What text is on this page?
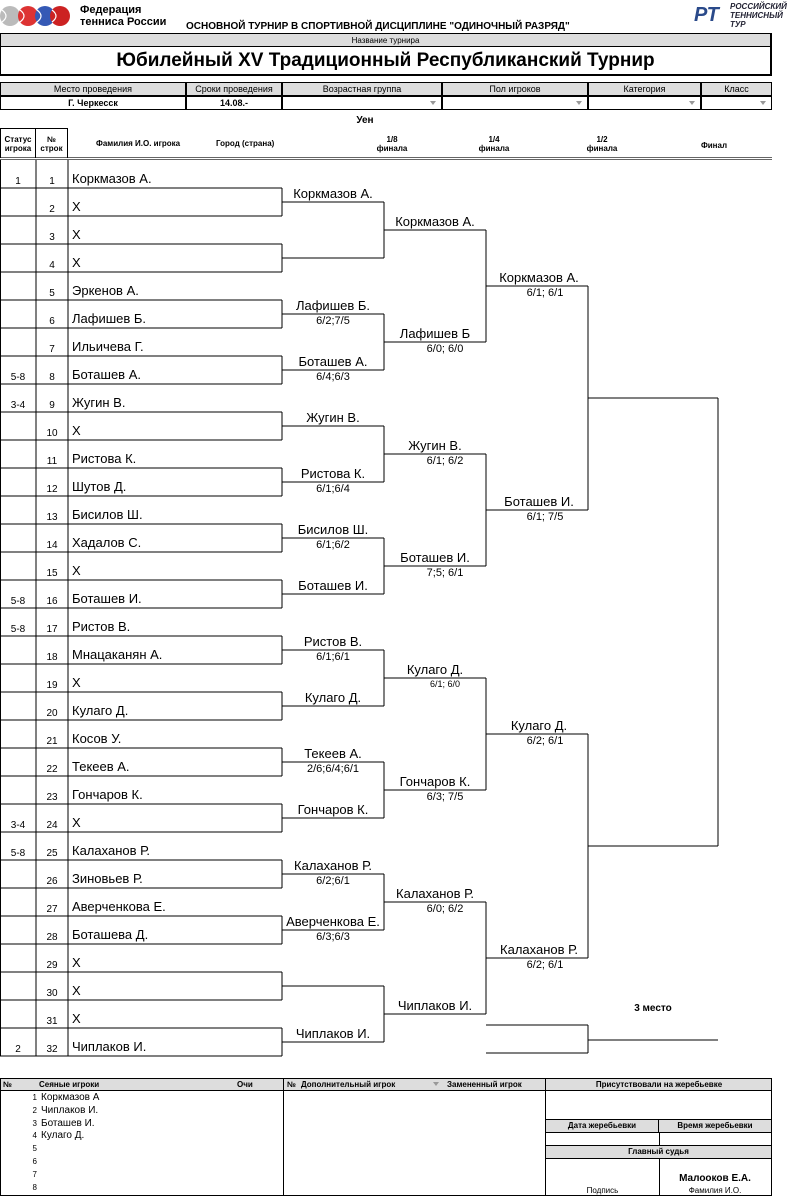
Федерация
тенниса России ОСНОВНОЙ ТУРНИР В СПОРТИВНОЙ ДИСЦИПЛИНЕ "ОДИНОЧНЫЙ РАЗРЯД"
РТ РОССИЙСКИЙ
ТЕННИСНЫЙ
ТУР
Название турнира
Юбилейный XV Традиционный Республиканский Турнир
Место проведения	Сроки проведения	Возрастная группа	Пол игроков	Категория	Класс
Г. Черкесск	14.08.-
Уен
Статус
игрока
№
строк
Фамилия И.О. игрока	Город (страна)	1/8
финала
1/4
финала
1/2
финала	Финал
1	1	Коркмазов А.
2	Х
3	Х
4	Х
5	Эркенов А.
6	Лафишев Б.
7	Ильичева Г.
5-8	8	Боташев А.
3-4	9	Жугин В.
10	Х
11	Ристова К.
12	Шутов Д.
13	Бисилов Ш.
14	Хадалов С.
15	Х
5-8	16	Боташев И.
5-8	17	Ристов В.
18	Мнацаканян А.
19	Х
20	Кулаго Д.
21	Косов У.
22	Текеев А.
23	Гончаров К.
3-4	24	Х
5-8	25	Калаханов Р.
26	Зиновьев Р.
27	Аверченкова Е.
28	Боташева Д.
29	Х
30	Х
31	Х
2	32	Чиплаков И.
Коркмазов А.
Лафишев Б.
6/2;7/5
Боташев А.
6/4;6/3
Жугин В.
Ристова К.
6/1;6/4
Бисилов Ш.
6/1;6/2
Боташев И.
Ристов В.
6/1;6/1
Кулаго Д.
Текеев А.
2/6;6/4;6/1
Гончаров К.
Калаханов Р.
6/2;6/1
Аверченкова Е.
6/3;6/3
Чиплаков И.
Коркмазов А.
Лафишев Б
6/0; 6/0
Жугин В.
6/1; 6/2
Боташев И.
7;5; 6/1
Кулаго Д.
6/1; 6/0
Гончаров К.
6/3; 7/5
Калаханов Р.
6/0; 6/2
Чиплаков И.
Коркмазов А.
6/1; 6/1
Боташев И.
6/1; 7/5
Кулаго Д.
6/2; 6/1
Калаханов Р.
6/2; 6/1
3 место
№	Сеяные игроки	Очи	№ Дополнительный игрок	Замененный игрок	Присутствовали на жеребьевке
1 Коркмазов А
2 Чиплаков И.
3 Боташев И.
4 Кулаго Д.
5
6
7
8
Дата жеребьевки	Время жеребьевки
Главный судья
Малооков Е.А.
Подпись	Фамилия И.О.
